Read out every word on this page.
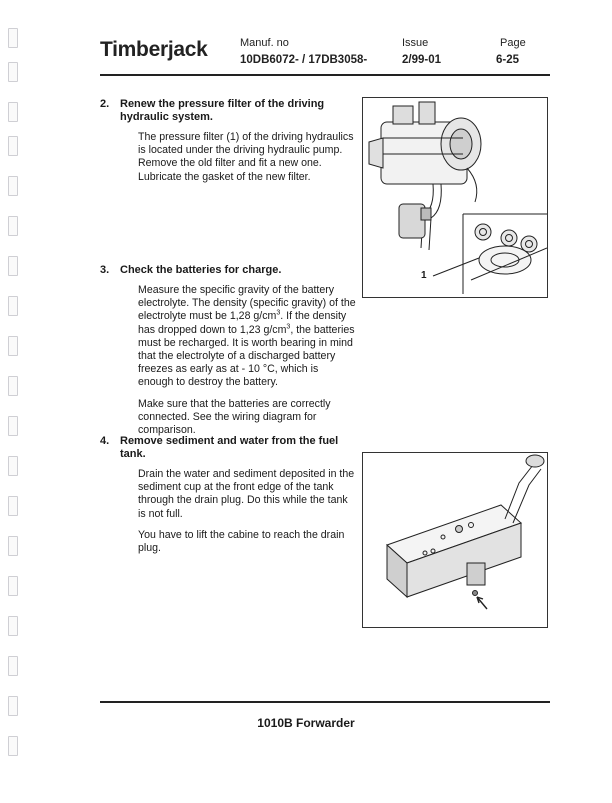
Timberjack	Manuf. no
10DB6072- / 17DB3058-
Issue
2/99-01
Page
6-25
2. Renew the pressure filter of the driving hydraulic system.

The pressure filter (1) of the driving hydraulics is located under the driving hydraulic pump. Remove the old filter and fit a new one. Lubricate the gasket of the new filter.

3. Check the batteries for charge.

Measure the specific gravity of the battery electrolyte. The density (specific gravity) of the electrolyte must be 1,28 $g/cm^3$. If the density has dropped down to 1,23 $g/cm^3$, the batteries must be recharged. It is worth bearing in mind that the electrolyte of a discharged battery freezes as early as at - 10 °C, which is enough to destroy the battery.

Make sure that the batteries are correctly connected. See the wiring diagram for comparison.

4. Remove sediment and water from the fuel tank.

Drain the water and sediment deposited in the sediment cup at the front edge of the tank through the drain plug. Do this while the tank is not full.

You have to lift the cabine to reach the drain plug.

1
1010B Forwarder
